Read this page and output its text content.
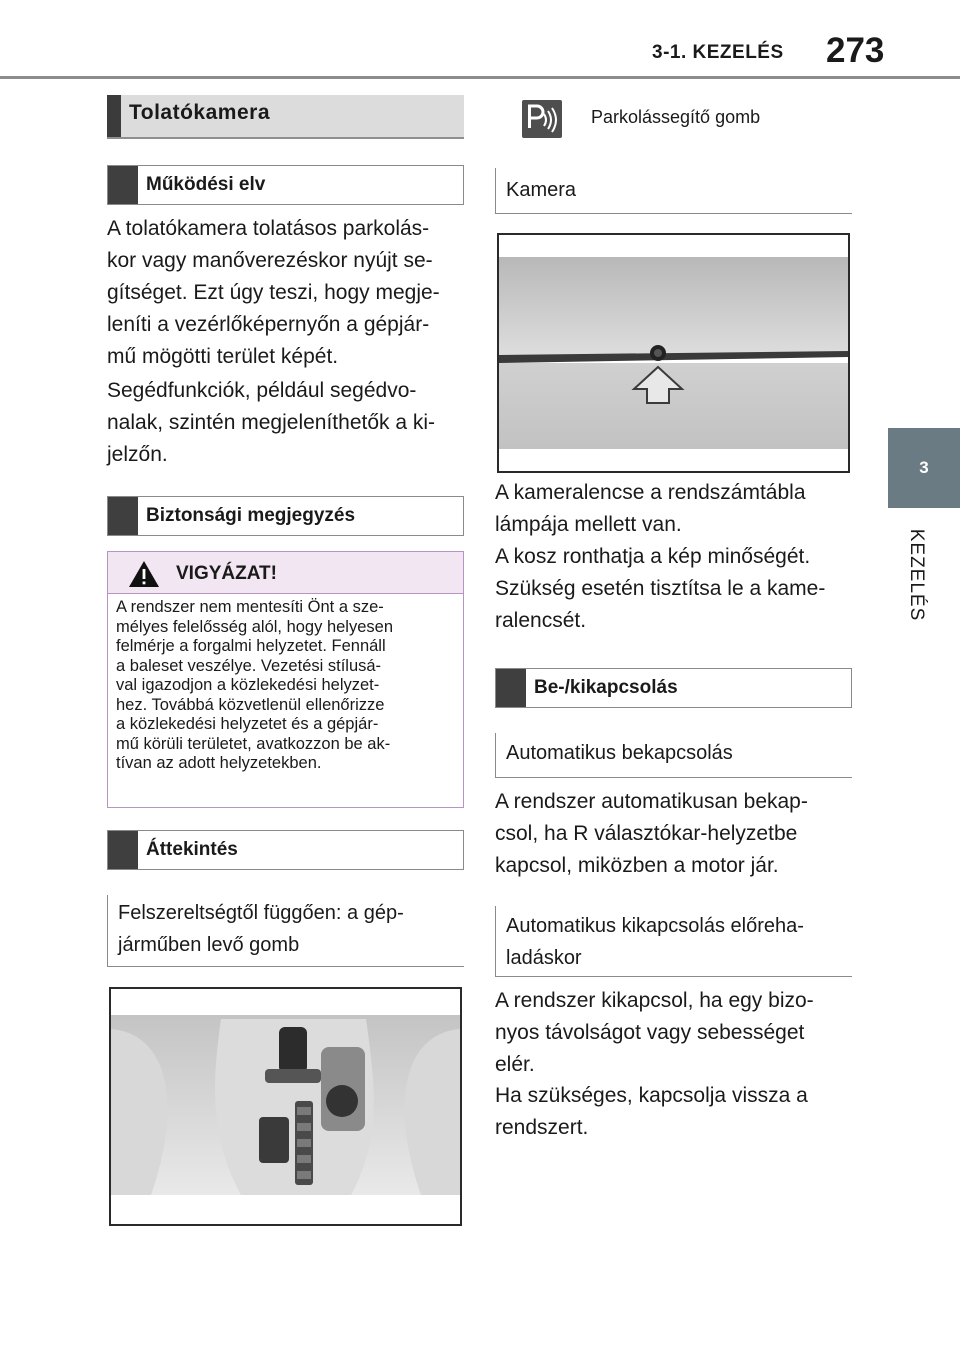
3-1. KEZELÉS 273
3
KEZELÉS
Tolatókamera
Működési elv
A tolatókamera tolatásos parkolás-
kor vagy manőverezéskor nyújt se-
gítséget. Ezt úgy teszi, hogy megje-
leníti a vezérlőképernyőn a gépjár-
mű mögötti terület képét.
Segédfunkciók, például segédvo-
nalak, szintén megjeleníthetők a ki-
jelzőn.
Biztonsági megjegyzés
VIGYÁZAT!
A rendszer nem mentesíti Önt a sze-
mélyes felelősség alól, hogy helyesen
felmérje a forgalmi helyzetet. Fennáll
a baleset veszélye. Vezetési stílusá-
val igazodjon a közlekedési helyzet-
hez. Továbbá közvetlenül ellenőrizze
a közlekedési helyzetet és a gépjár-
mű körüli területet, avatkozzon be ak-
tívan az adott helyzetekben.
Áttekintés
Felszereltségtől függően: a gép-
járműben levő gomb
Parkolássegítő gomb
Kamera
A kameralencse a rendszámtábla
lámpája mellett van.
A kosz ronthatja a kép minőségét.
Szükség esetén tisztítsa le a kame-
ralencsét.
Be-/kikapcsolás
Automatikus bekapcsolás
A rendszer automatikusan bekap-
csol, ha R választókar-helyzetbe
kapcsol, miközben a motor jár.
Automatikus kikapcsolás előreha-
ladáskor
A rendszer kikapcsol, ha egy bizo-
nyos távolságot vagy sebességet
elér.
Ha szükséges, kapcsolja vissza a
rendszert.
